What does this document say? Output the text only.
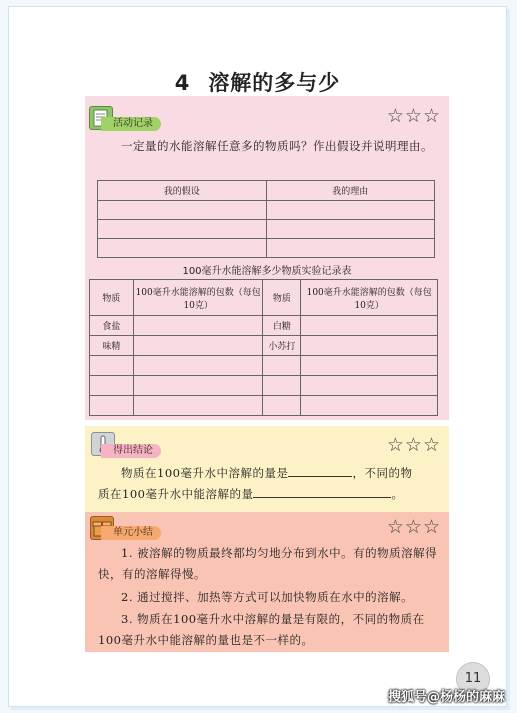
4 溶解的多与少
活动记录	☆☆☆
一定量的水能溶解任意多的物质吗？作出假设并说明理由。
我的假设	我的理由

100毫升水能溶解多少物质实验记录表
物质	100毫升水能溶解的包数（每包10克）	物质	100毫升水能溶解的包数（每包10克）
食盐		白糖	
味精		小苏打	

得出结论	☆☆☆
物质在100毫升水中溶解的量是	，不同的物
质在100毫升水中能溶解的量	。
单元小结	☆☆☆
1. 被溶解的物质最终都均匀地分布到水中。有的物质溶解得快，有的溶解得慢。
2. 通过搅拌、加热等方式可以加快物质在水中的溶解。
3. 物质在100毫升水中溶解的量是有限的，不同的物质在100毫升水中能溶解的量也是不一样的。
11
搜狐号@杨杨的麻麻
